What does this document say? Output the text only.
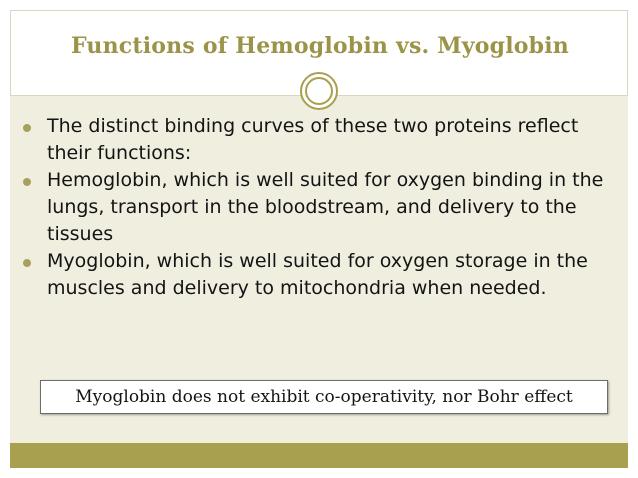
Functions of Hemoglobin vs. Myoglobin
The distinct binding curves of these two proteins reflect their functions:
Hemoglobin, which is well suited for oxygen binding in the lungs, transport in the bloodstream, and delivery to the tissues
Myoglobin, which is well suited for oxygen storage in the muscles and delivery to mitochondria when needed.
Myoglobin does not exhibit co-operativity, nor Bohr effect
